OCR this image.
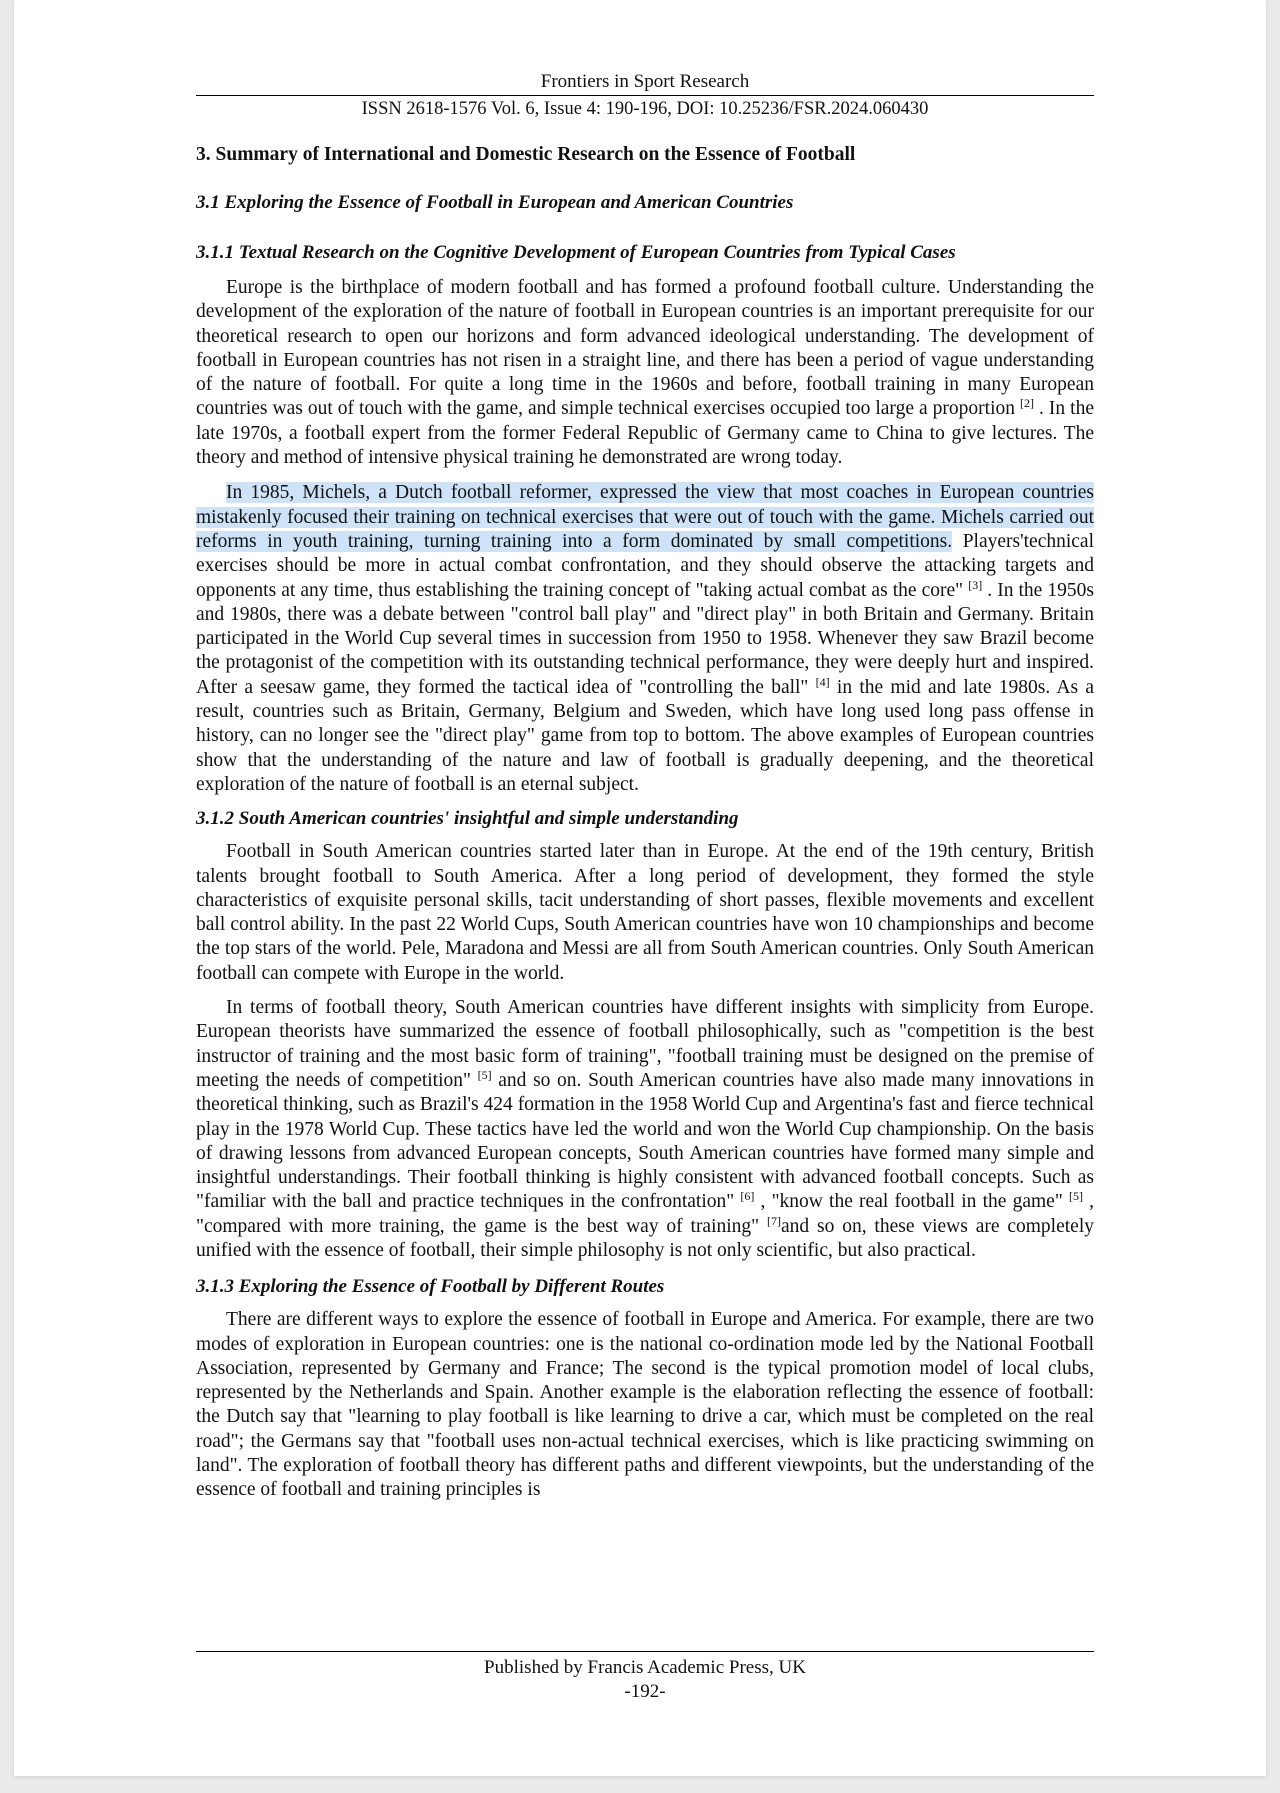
Frontiers in Sport Research
ISSN 2618-1576 Vol. 6, Issue 4: 190-196, DOI: 10.25236/FSR.2024.060430
3. Summary of International and Domestic Research on the Essence of Football
3.1 Exploring the Essence of Football in European and American Countries
3.1.1 Textual Research on the Cognitive Development of European Countries from Typical Cases

Europe is the birthplace of modern football and has formed a profound football culture. Understanding the development of the exploration of the nature of football in European countries is an important prerequisite for our theoretical research to open our horizons and form advanced ideological understanding. The development of football in European countries has not risen in a straight line, and there has been a period of vague understanding of the nature of football. For quite a long time in the 1960s and before, football training in many European countries was out of touch with the game, and simple technical exercises occupied too large a proportion [2] . In the late 1970s, a football expert from the former Federal Republic of Germany came to China to give lectures. The theory and method of intensive physical training he demonstrated are wrong today.

In 1985, Michels, a Dutch football reformer, expressed the view that most coaches in European countries mistakenly focused their training on technical exercises that were out of touch with the game. Michels carried out reforms in youth training, turning training into a form dominated by small competitions. Players'technical exercises should be more in actual combat confrontation, and they should observe the attacking targets and opponents at any time, thus establishing the training concept of "taking actual combat as the core" [3] . In the 1950s and 1980s, there was a debate between "control ball play" and "direct play" in both Britain and Germany. Britain participated in the World Cup several times in succession from 1950 to 1958. Whenever they saw Brazil become the protagonist of the competition with its outstanding technical performance, they were deeply hurt and inspired. After a seesaw game, they formed the tactical idea of "controlling the ball" [4] in the mid and late 1980s. As a result, countries such as Britain, Germany, Belgium and Sweden, which have long used long pass offense in history, can no longer see the "direct play" game from top to bottom. The above examples of European countries show that the understanding of the nature and law of football is gradually deepening, and the theoretical exploration of the nature of football is an eternal subject.

3.1.2 South American countries' insightful and simple understanding

Football in South American countries started later than in Europe. At the end of the 19th century, British talents brought football to South America. After a long period of development, they formed the style characteristics of exquisite personal skills, tacit understanding of short passes, flexible movements and excellent ball control ability. In the past 22 World Cups, South American countries have won 10 championships and become the top stars of the world. Pele, Maradona and Messi are all from South American countries. Only South American football can compete with Europe in the world.

In terms of football theory, South American countries have different insights with simplicity from Europe. European theorists have summarized the essence of football philosophically, such as "competition is the best instructor of training and the most basic form of training", "football training must be designed on the premise of meeting the needs of competition" [5] and so on. South American countries have also made many innovations in theoretical thinking, such as Brazil's 424 formation in the 1958 World Cup and Argentina's fast and fierce technical play in the 1978 World Cup. These tactics have led the world and won the World Cup championship. On the basis of drawing lessons from advanced European concepts, South American countries have formed many simple and insightful understandings. Their football thinking is highly consistent with advanced football concepts. Such as "familiar with the ball and practice techniques in the confrontation" [6] , "know the real football in the game" [5] , "compared with more training, the game is the best way of training" [7]and so on, these views are completely unified with the essence of football, their simple philosophy is not only scientific, but also practical.

3.1.3 Exploring the Essence of Football by Different Routes

There are different ways to explore the essence of football in Europe and America. For example, there are two modes of exploration in European countries: one is the national co-ordination mode led by the National Football Association, represented by Germany and France; The second is the typical promotion model of local clubs, represented by the Netherlands and Spain. Another example is the elaboration reflecting the essence of football: the Dutch say that "learning to play football is like learning to drive a car, which must be completed on the real road"; the Germans say that "football uses non-actual technical exercises, which is like practicing swimming on land". The exploration of football theory has different paths and different viewpoints, but the understanding of the essence of football and training principles is

Published by Francis Academic Press, UK
-192-
